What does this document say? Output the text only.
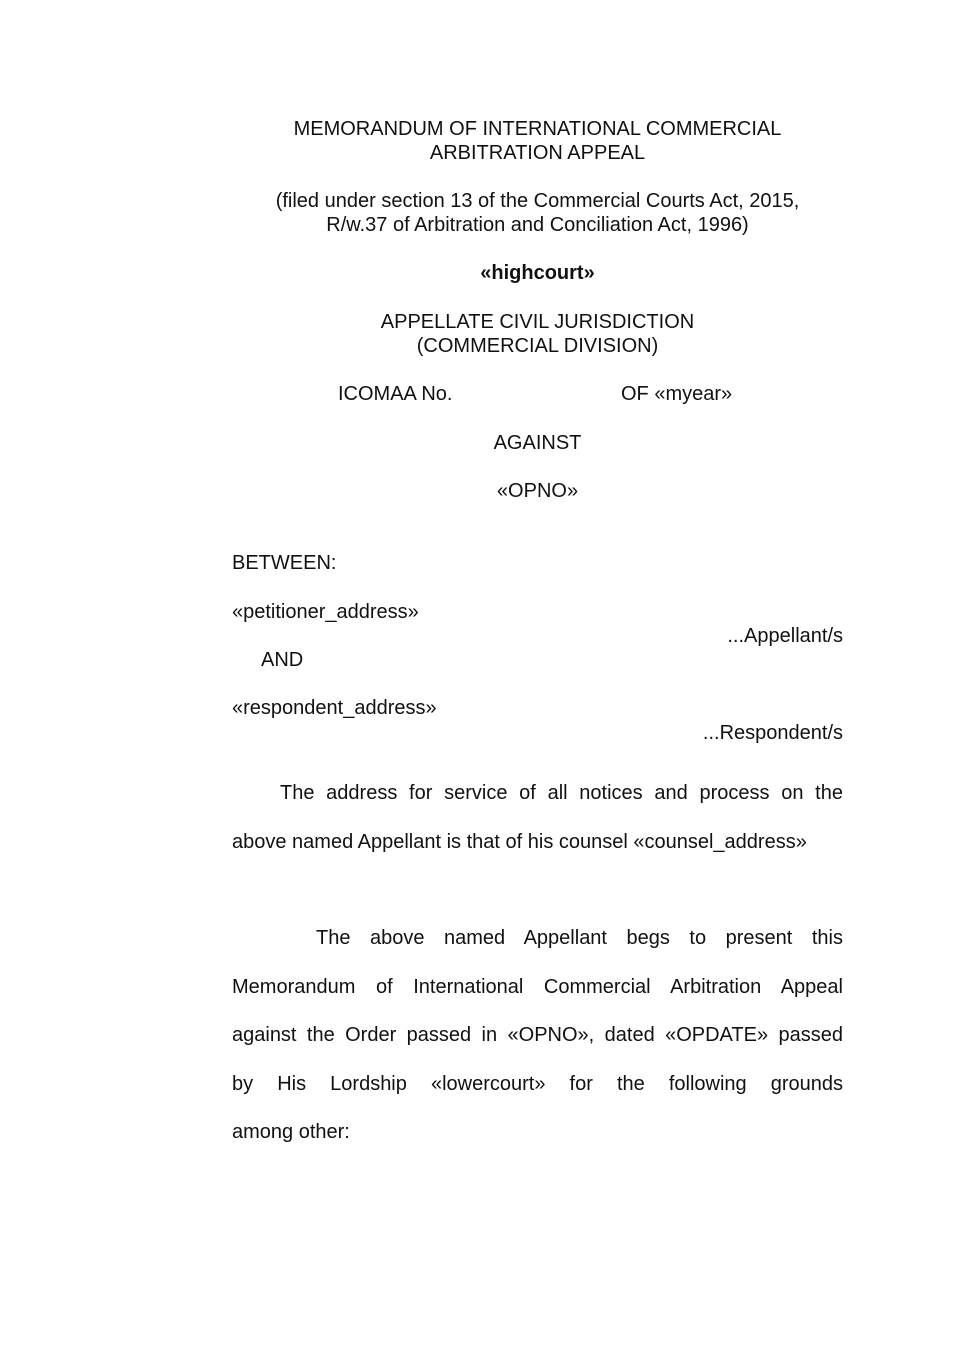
MEMORANDUM OF INTERNATIONAL COMMERCIAL
ARBITRATION APPEAL
(filed under section 13 of the Commercial Courts Act, 2015,
R/w.37 of Arbitration and Conciliation Act, 1996)
«highcourt»
APPELLATE CIVIL JURISDICTION
(COMMERCIAL DIVISION)
ICOMAA No.	OF «myear»
AGAINST
«OPNO»
BETWEEN:
«petitioner_address»
...Appellant/s
AND
«respondent_address»
...Respondent/s
The address for service of all notices and process on the
above named Appellant is that of his counsel «counsel_address»
The above named Appellant begs to present this
Memorandum of International Commercial Arbitration Appeal
against the Order passed in «OPNO», dated «OPDATE» passed
by His Lordship «lowercourt» for the following grounds
among other:
